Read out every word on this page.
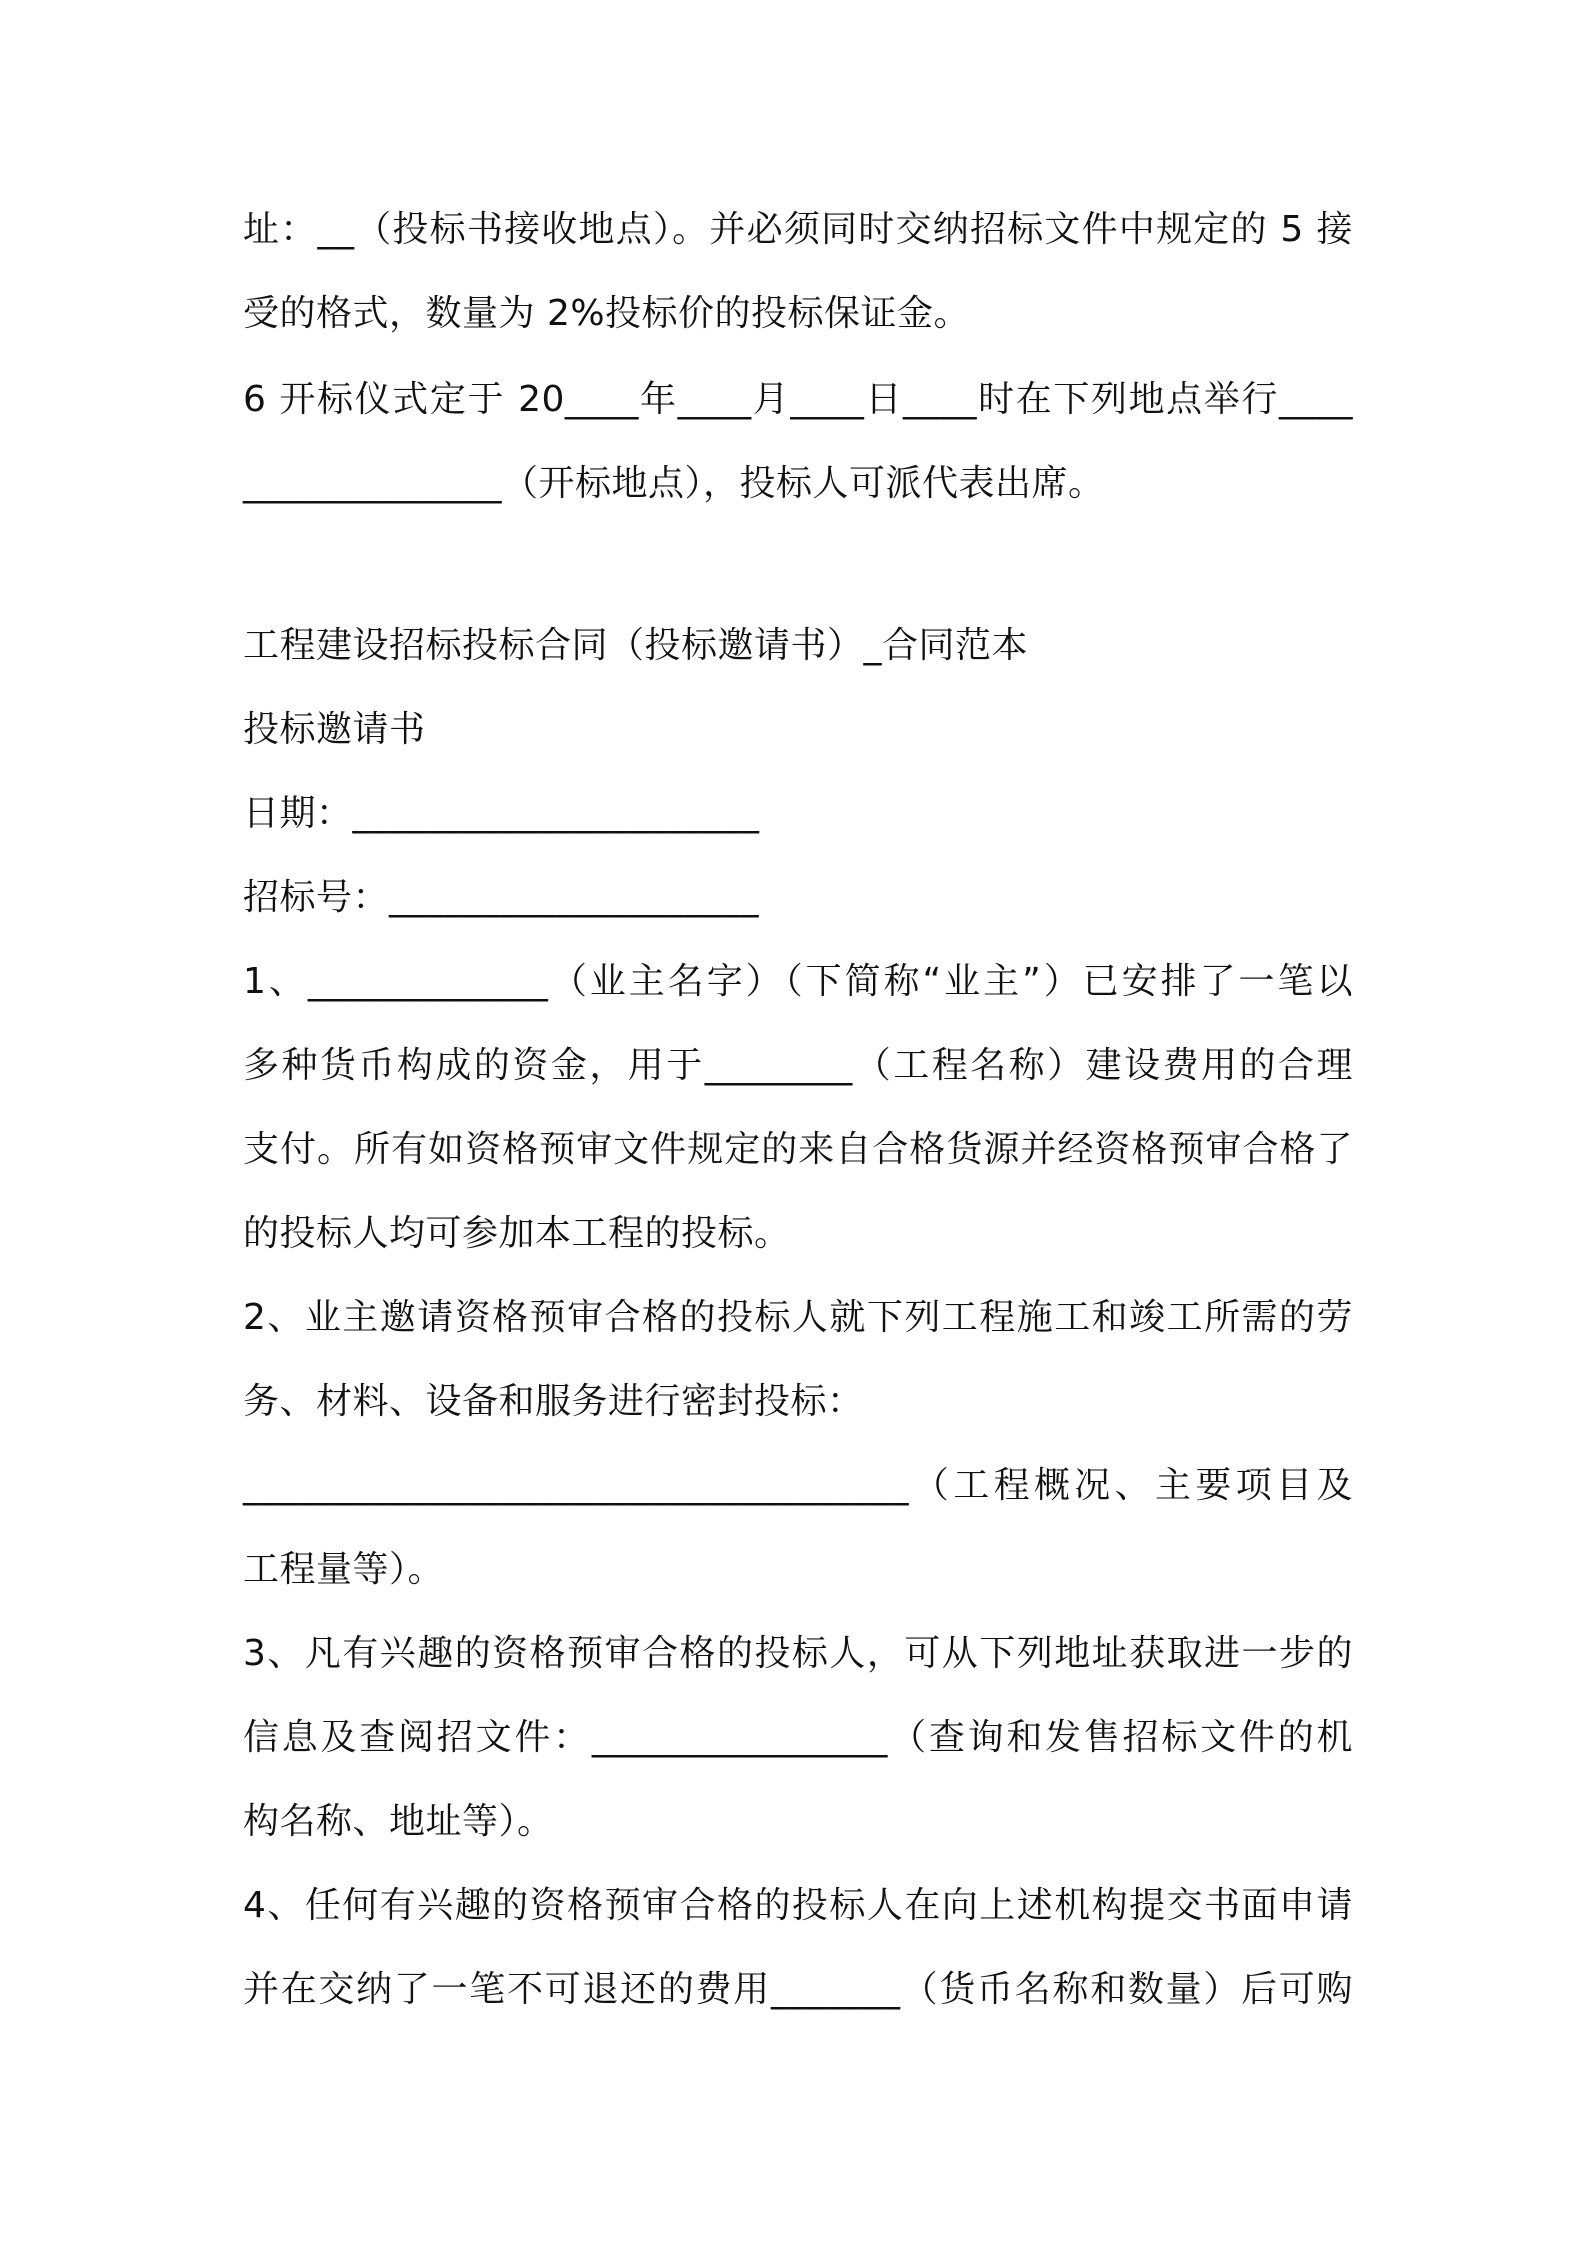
址：__（投标书接收地点）。并必须同时交纳招标文件中规定的 5 接
受的格式，数量为 2%投标价的投标保证金。
6 开标仪式定于 20____年____月____日____时在下列地点举行____
______________（开标地点），投标人可派代表出席。
工程建设招标投标合同（投标邀请书）_合同范本
投标邀请书
日期：______________________
招标号：____________________
1、_____________（业主名字）（下简称“业主”）已安排了一笔以
多种货币构成的资金，用于________（工程名称）建设费用的合理
支付。所有如资格预审文件规定的来自合格货源并经资格预审合格了
的投标人均可参加本工程的投标。
2、业主邀请资格预审合格的投标人就下列工程施工和竣工所需的劳
务、材料、设备和服务进行密封投标：
____________________________________（工程概况、主要项目及
工程量等）。
3、凡有兴趣的资格预审合格的投标人，可从下列地址获取进一步的
信息及查阅招文件：________________（查询和发售招标文件的机
构名称、地址等）。
4、任何有兴趣的资格预审合格的投标人在向上述机构提交书面申请
并在交纳了一笔不可退还的费用_______（货币名称和数量）后可购
